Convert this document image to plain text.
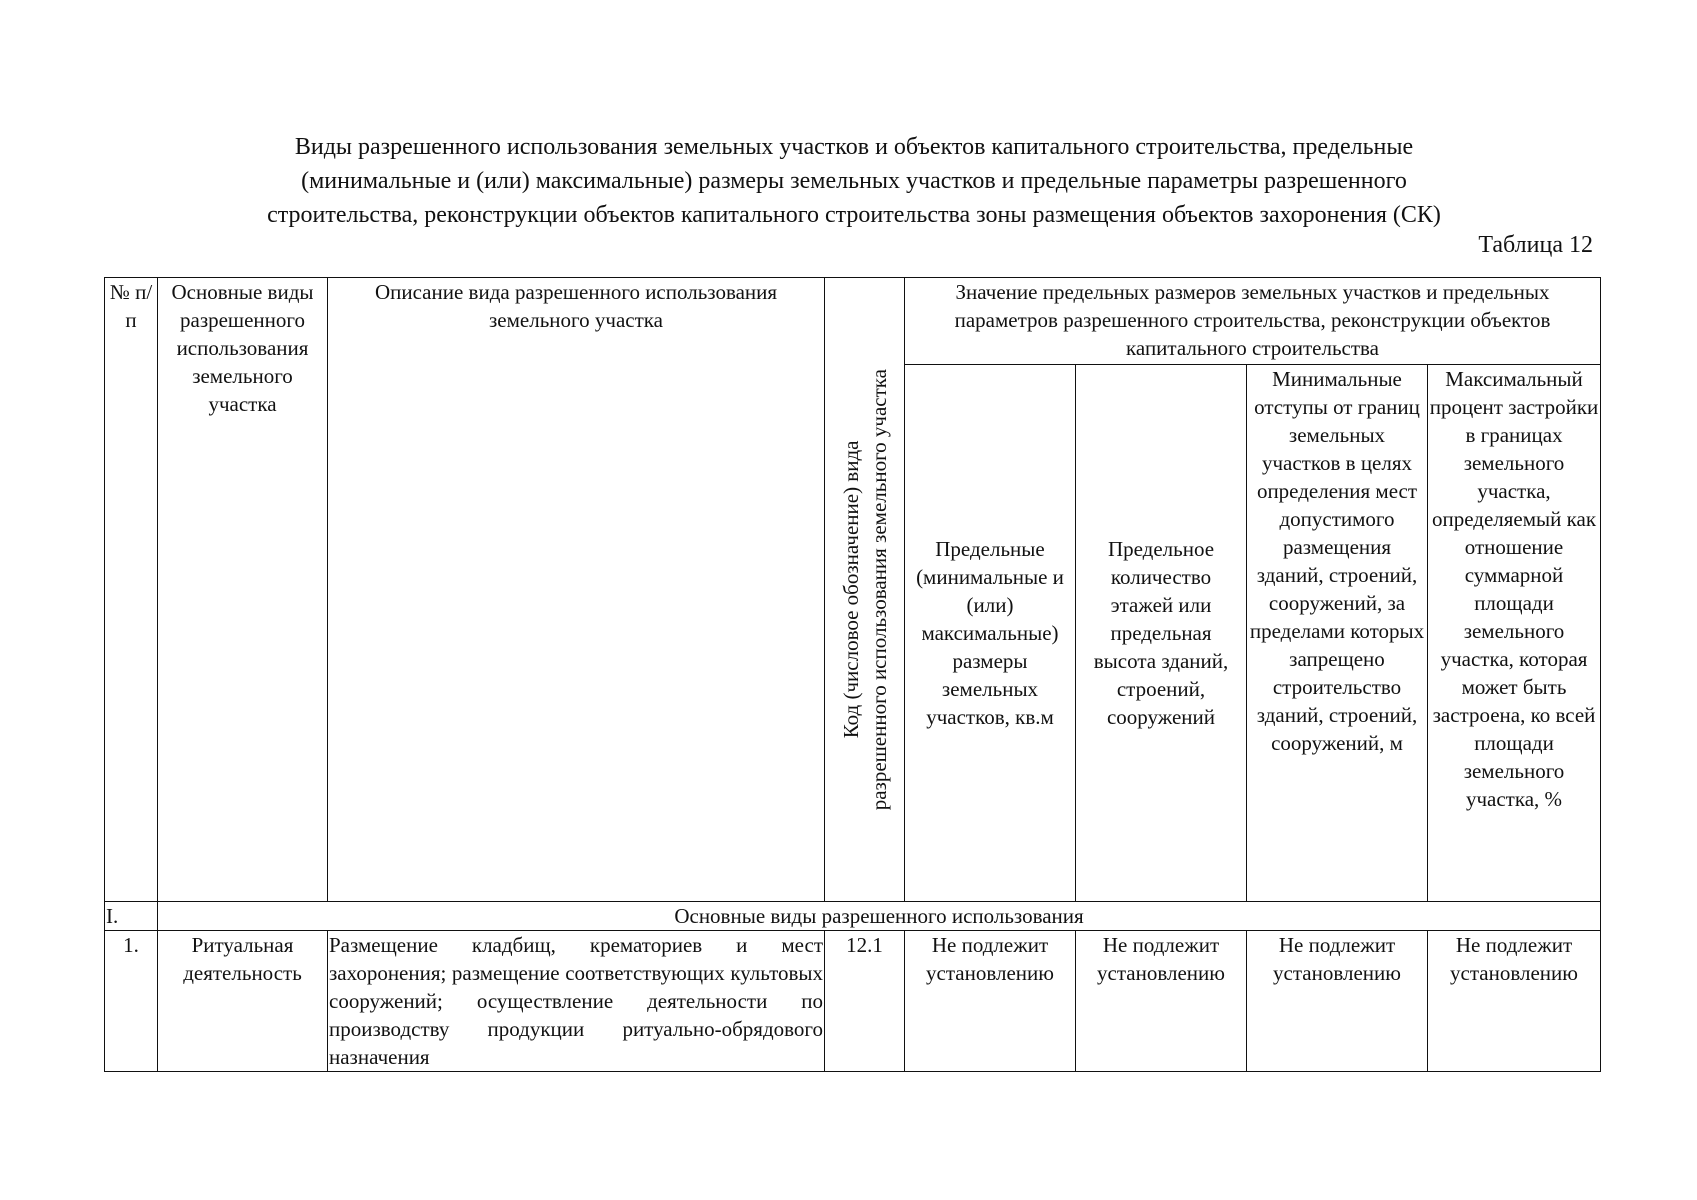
Виды разрешенного использования земельных участков и объектов капитального строительства, предельные
(минимальные и (или) максимальные) размеры земельных участков и предельные параметры разрешенного
строительства, реконструкции объектов капитального строительства зоны размещения объектов захоронения (СК)
Таблица 12
№ п/п	Основные виды разрешенного использования земельного участка	Описание вида разрешенного использования земельного участка	Код (числовое обозначение) вида разрешенного использования земельного участка	Значение предельных размеров земельных участков и предельных параметров разрешенного строительства, реконструкции объектов капитального строительства			
				Предельные (минимальные и (или) максимальные) размеры земельных участков, кв.м	Предельное количество этажей или предельная высота зданий, строений, сооружений	Минимальные отступы от границ земельных участков в целях определения мест допустимого размещения зданий, строений, сооружений, за пределами которых запрещено строительство зданий, строений, сооружений, м	Максимальный процент застройки в границах земельного участка, определяемый как отношение суммарной площади земельного участка, которая может быть застроена, ко всей площади земельного участка, %
I.	Основные виды разрешенного использования						
1.	Ритуальная деятельность	Размещение кладбищ, крематориев и мест захоронения; размещение соответствующих культовых сооружений; осуществление деятельности по производству продукции ритуально-обрядового назначения	12.1	Не подлежит установлению	Не подлежит установлению	Не подлежит установлению	Не подлежит установлению
